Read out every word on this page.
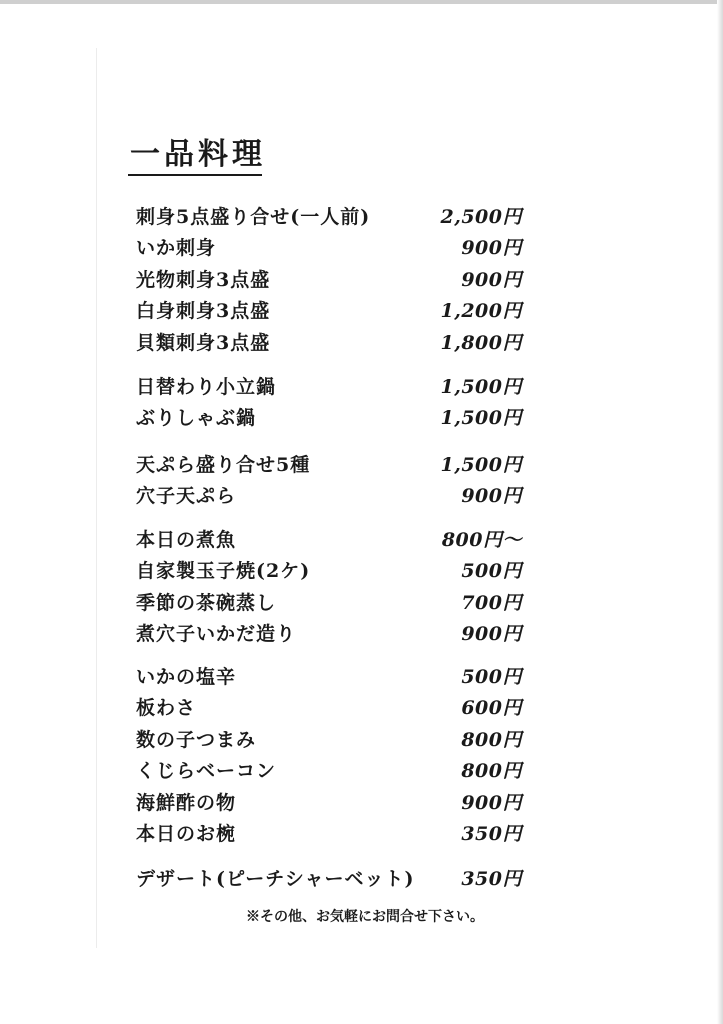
一品料理
刺身5点盛り合せ(一人前)	2,500円
いか刺身	900円
光物刺身3点盛	900円
白身刺身3点盛	1,200円
貝類刺身3点盛	1,800円
日替わり小立鍋	1,500円
ぶりしゃぶ鍋	1,500円
天ぷら盛り合せ5種	1,500円
穴子天ぷら	900円
本日の煮魚	800円～
自家製玉子焼(2ケ)	500円
季節の茶碗蒸し	700円
煮穴子いかだ造り	900円
いかの塩辛	500円
板わさ	600円
数の子つまみ	800円
くじらベーコン	800円
海鮮酢の物	900円
本日のお椀	350円
デザート(ピーチシャーベット) 350円
※その他、お気軽にお問合せ下さい。
